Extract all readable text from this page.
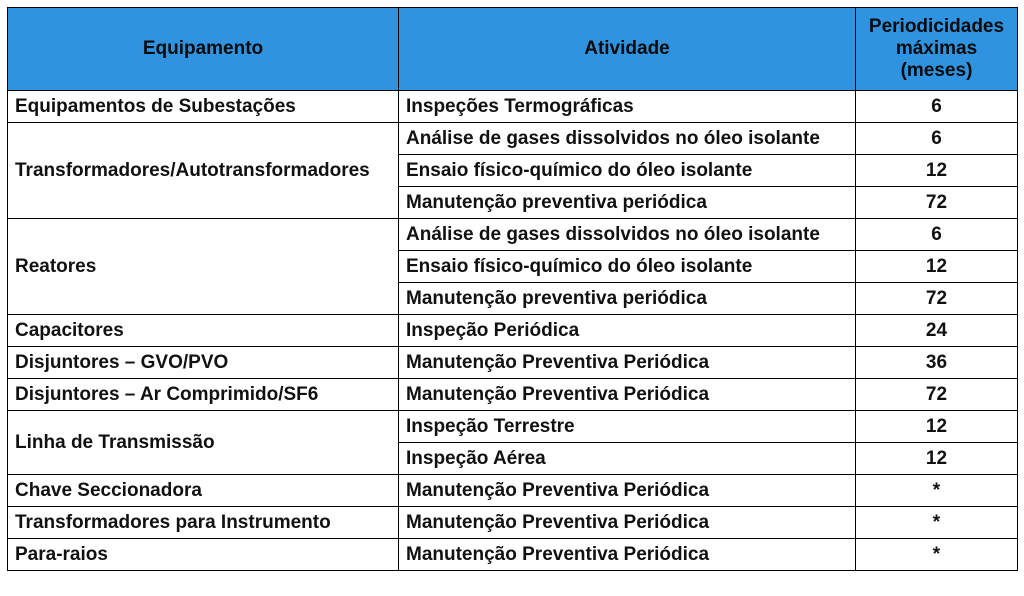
Equipamento	Atividade	Periodicidades máximas (meses)
Equipamentos de Subestações	Inspeções Termográficas	6
Transformadores/Autotransformadores	Análise de gases dissolvidos no óleo isolante	6
	Ensaio físico-químico do óleo isolante	12
	Manutenção preventiva periódica	72
Reatores	Análise de gases dissolvidos no óleo isolante	6
	Ensaio físico-químico do óleo isolante	12
	Manutenção preventiva periódica	72
Capacitores	Inspeção Periódica	24
Disjuntores – GVO/PVO	Manutenção Preventiva Periódica	36
Disjuntores – Ar Comprimido/SF6	Manutenção Preventiva Periódica	72
Linha de Transmissão	Inspeção Terrestre	12
	Inspeção Aérea	12
Chave Seccionadora	Manutenção Preventiva Periódica	*
Transformadores para Instrumento	Manutenção Preventiva Periódica	*
Para-raios	Manutenção Preventiva Periódica	*
